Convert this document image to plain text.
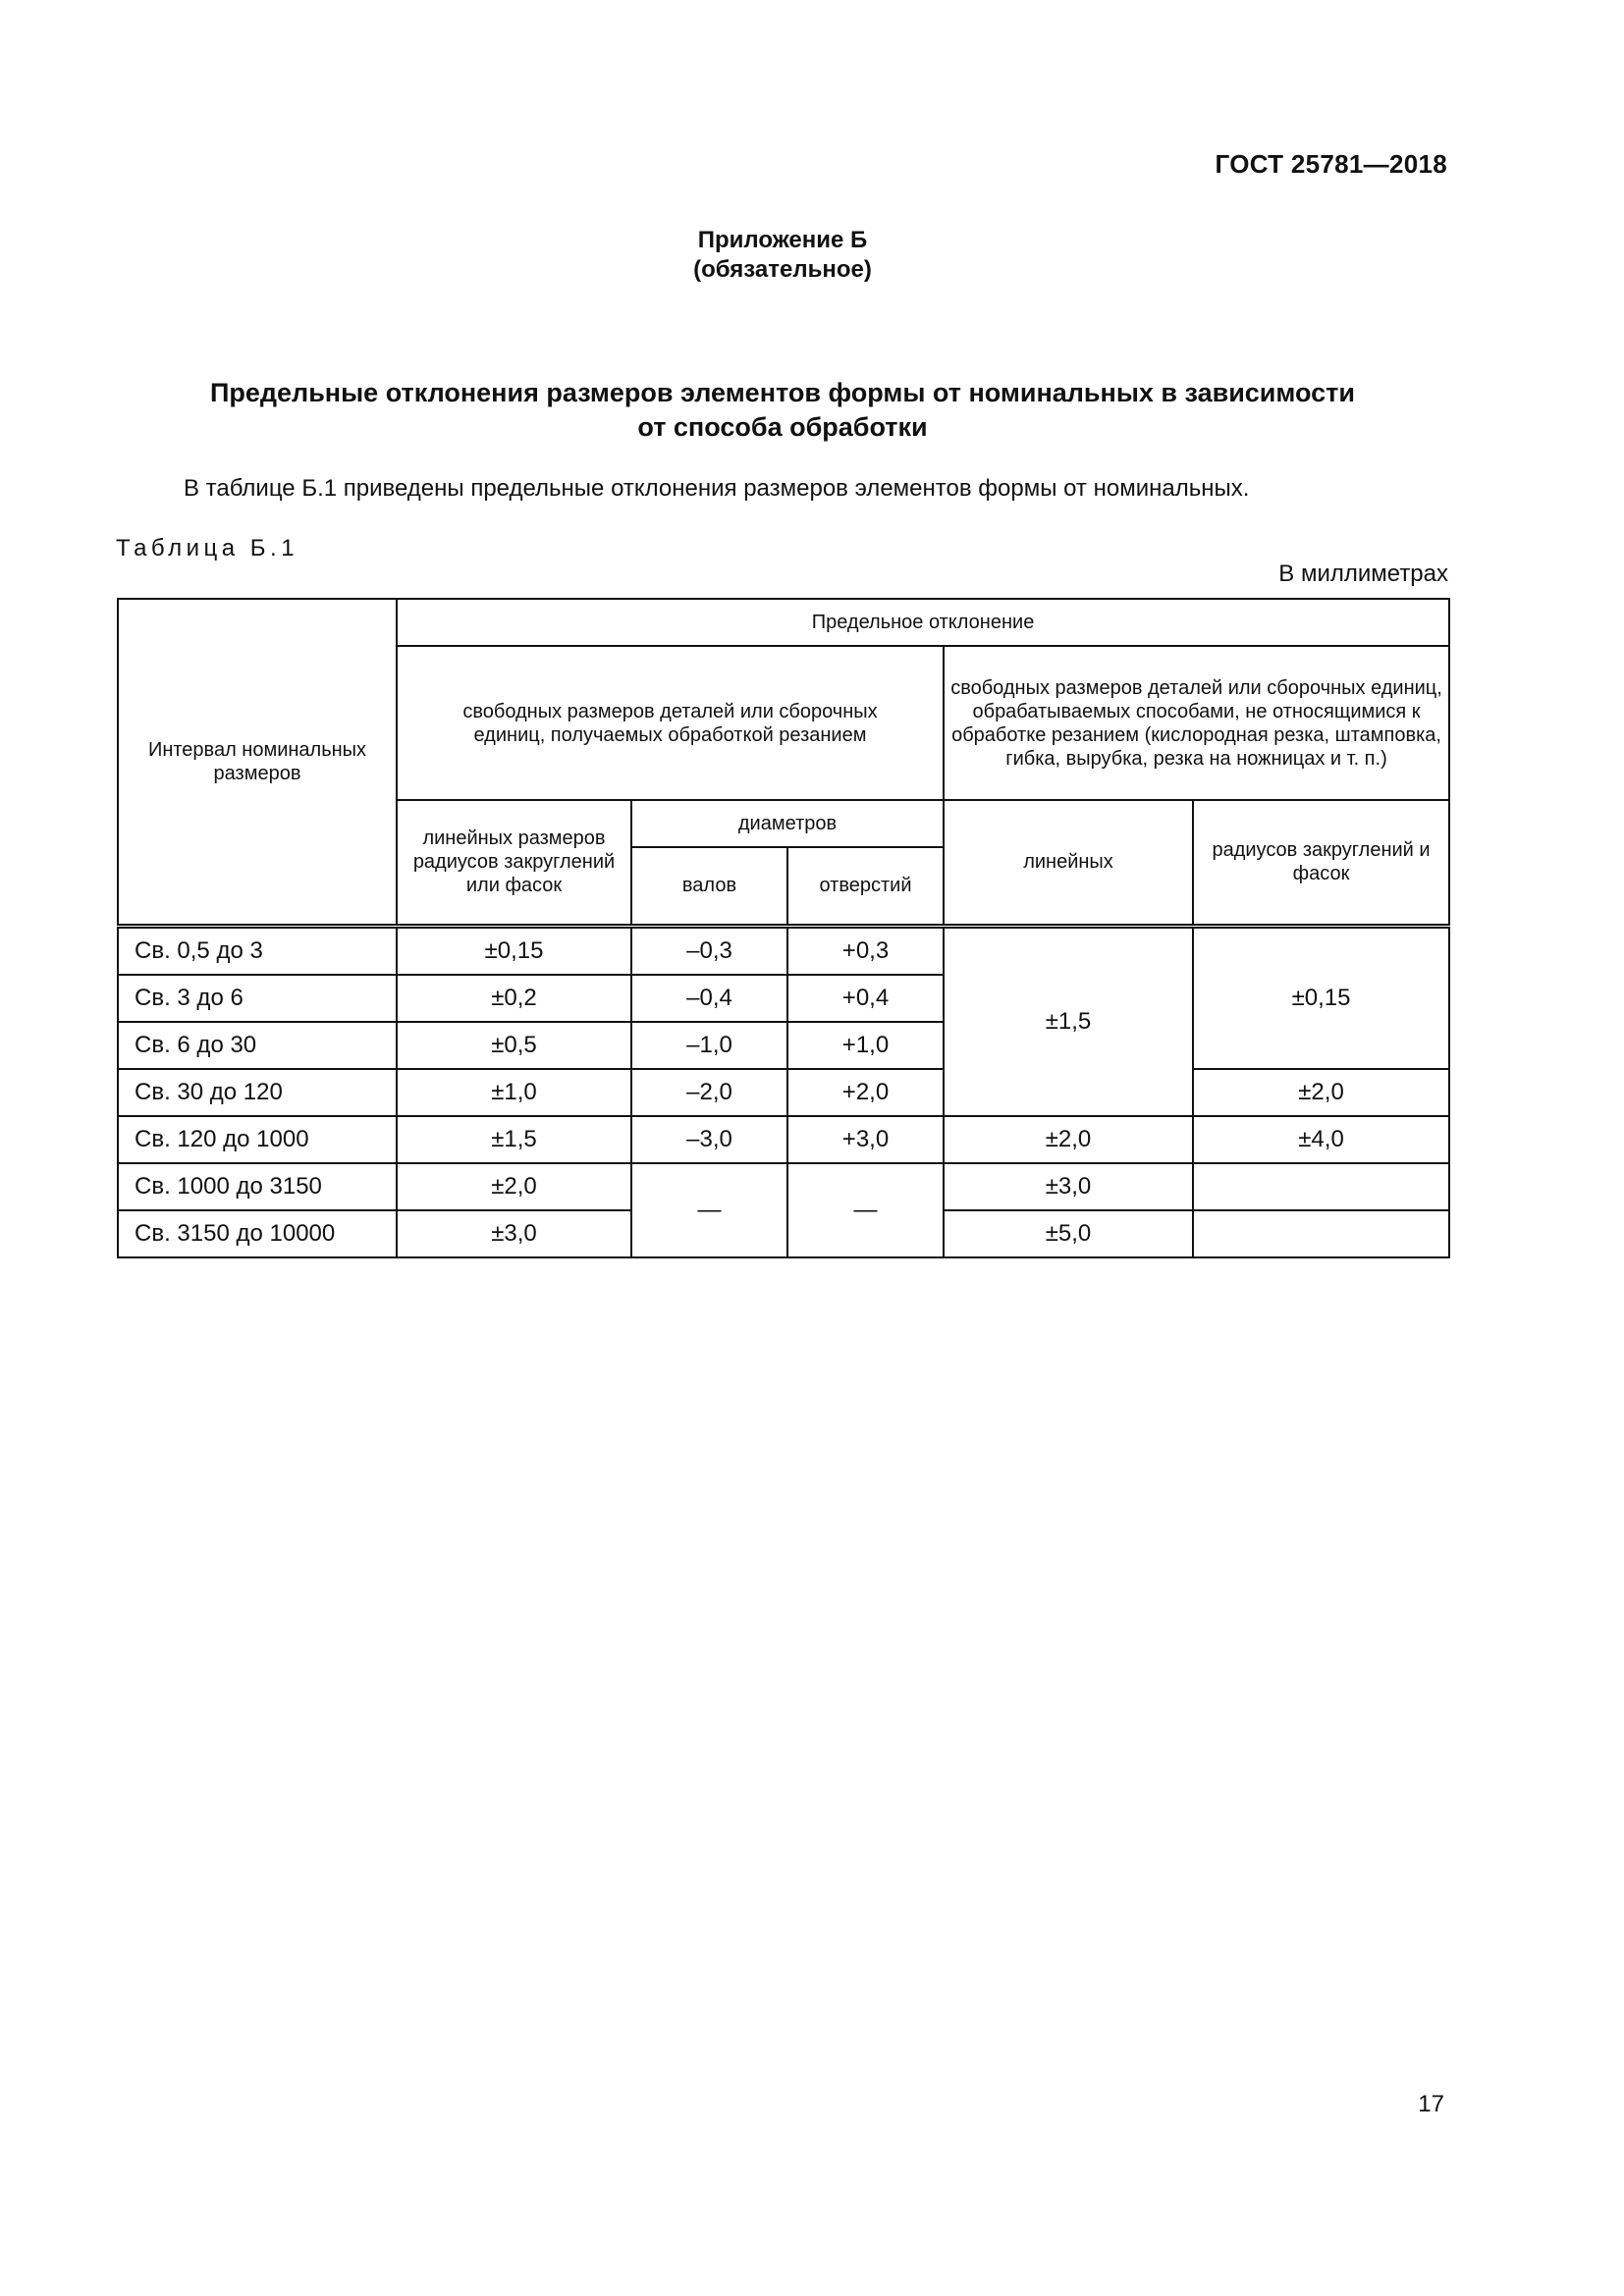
ГОСТ 25781—2018
Приложение Б
(обязательное)
Предельные отклонения размеров элементов формы от номинальных в зависимости
от способа обработки
В таблице Б.1 приведены предельные отклонения размеров элементов формы от номинальных.
Таблица Б.1
В миллиметрах
Интервал номинальных размеров	Предельное отклонение				
	свободных размеров деталей или сборочных единиц, получаемых обработкой резанием			свободных размеров деталей или сборочных единиц, обрабатываемых способами, не относящимися к обработке резанием (кислородная резка, штамповка, гибка, вырубка, резка на ножницах и т. п.)	
	линейных размеров радиусов закруглений или фасок	диаметров		линейных	радиусов закруглений и фасок
		валов	отверстий		
Св. 0,5 до 3	±0,15	–0,3	+0,3	±1,5	±0,15
Св. 3 до 6	±0,2	–0,4	+0,4		
Св. 6 до 30	±0,5	–1,0	+1,0		
Св. 30 до 120	±1,0	–2,0	+2,0		±2,0
Св. 120 до 1000	±1,5	–3,0	+3,0	±2,0	±4,0
Св. 1000 до 3150	±2,0	—	—	±3,0	
Св. 3150 до 10000	±3,0			±5,0	
17
